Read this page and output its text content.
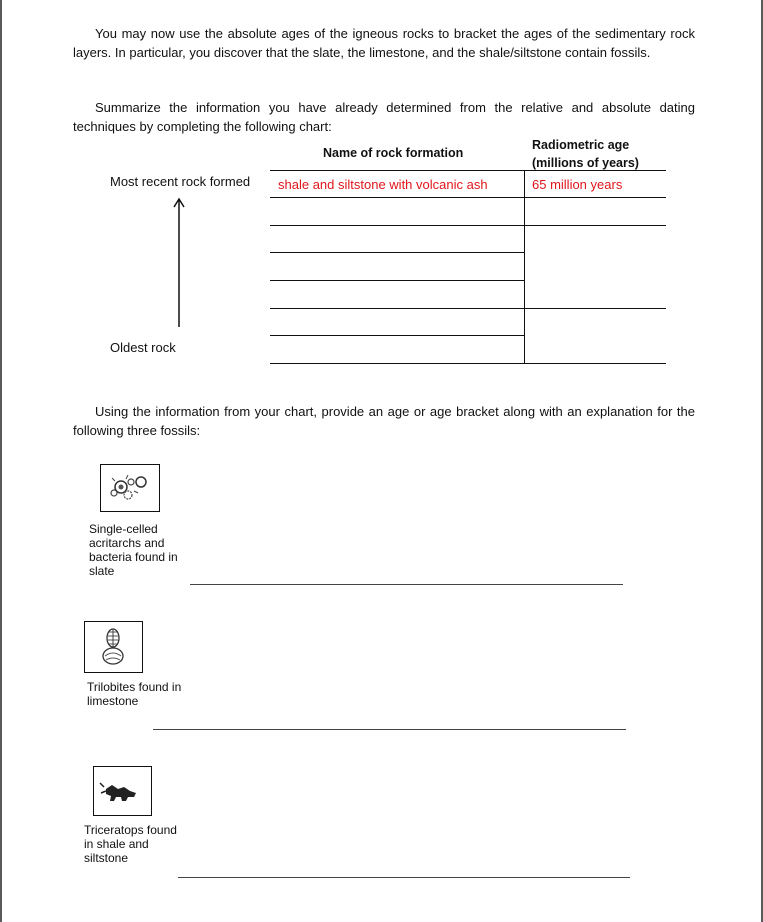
You may now use the absolute ages of the igneous rocks to bracket the ages of the sedimentary rock layers. In particular, you discover that the slate, the limestone, and the shale/siltstone contain fossils.

Summarize the information you have already determined from the relative and absolute dating techniques by completing the following chart:

Name of rock formation
Radiometric age
(millions of years)
Most recent rock formed
Oldest rock
shale and siltstone with volcanic ash	65 million years

Using the information from your chart, provide an age or age bracket along with an explanation for the following three fossils:

Single-celled acritarchs and bacteria found in slate
Trilobites found in limestone
Triceratops found in shale and siltstone
